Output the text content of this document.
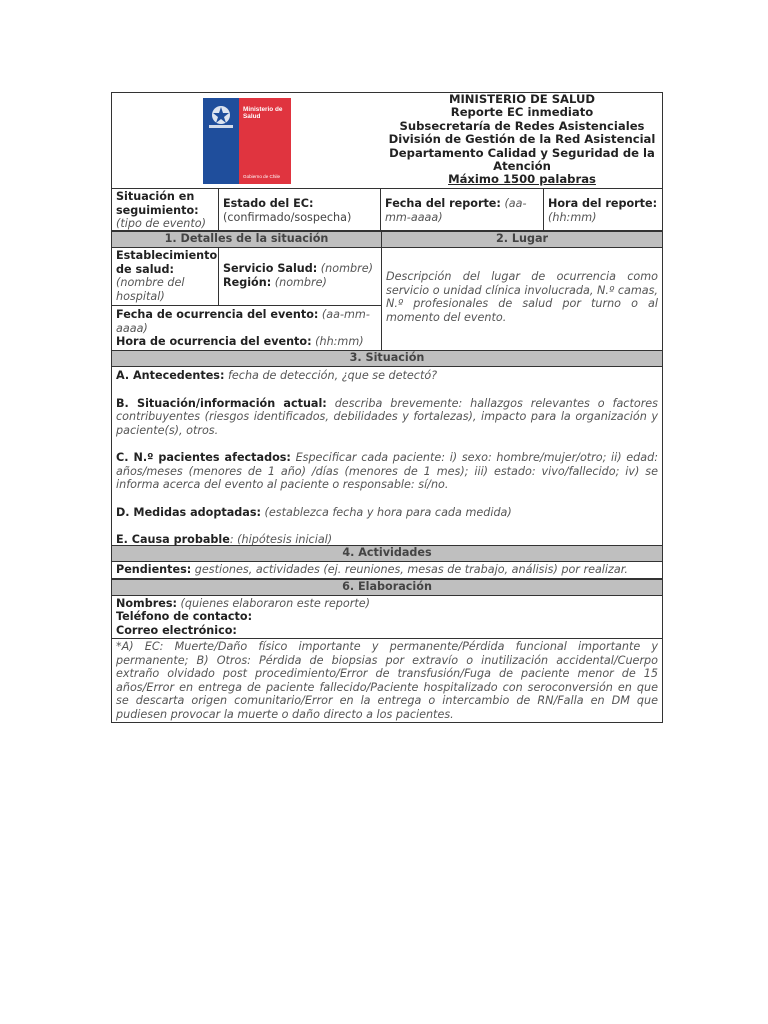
Ministerio de
Salud
Gobierno de Chile
MINISTERIO DE SALUD
Reporte EC inmediato
Subsecretaría de Redes Asistenciales
División de Gestión de la Red Asistencial
Departamento Calidad y Seguridad de la
Atención
Máximo 1500 palabras
Situación en seguimiento:
(tipo de evento)
Estado del EC:
(confirmado/sospecha)
Fecha del reporte: (aa-mm-aaaa)
Hora del reporte:
(hh:mm)
1. Detalles de la situación	2. Lugar
Establecimiento de salud:
(nombre del hospital)
Servicio Salud: (nombre)
Región: (nombre)
Fecha de ocurrencia del evento: (aa-mm-aaaa)
Hora de ocurrencia del evento: (hh:mm)
Descripción del lugar de ocurrencia como servicio o unidad clínica involucrada, N.º camas, N.º profesionales de salud por turno o al momento del evento.
3. Situación

A. Antecedentes: fecha de detección, ¿que se detectó?

B. Situación/información actual: describa brevemente: hallazgos relevantes o factores contribuyentes (riesgos identificados, debilidades y fortalezas), impacto para la organización y paciente(s), otros.

C. N.º pacientes afectados: Especificar cada paciente: i) sexo: hombre/mujer/otro; ii) edad: años/meses (menores de 1 año) /días (menores de 1 mes); iii) estado: vivo/fallecido; iv) se informa acerca del evento al paciente o responsable: sí/no.

D. Medidas adoptadas: (establezca fecha y hora para cada medida)

E. Causa probable: (hipótesis inicial)

4. Actividades
Pendientes: gestiones, actividades (ej. reuniones, mesas de trabajo, análisis) por realizar.
6. Elaboración
Nombres: (quienes elaboraron este reporte)
Teléfono de contacto:
Correo electrónico:
*A) EC: Muerte/Daño físico importante y permanente/Pérdida funcional importante y permanente; B) Otros: Pérdida de biopsias por extravío o inutilización accidental/Cuerpo extraño olvidado post procedimiento/Error de transfusión/Fuga de paciente menor de 15 años/Error en entrega de paciente fallecido/Paciente hospitalizado con seroconversión en que se descarta origen comunitario/Error en la entrega o intercambio de RN/Falla en DM que pudiesen provocar la muerte o daño directo a los pacientes.
